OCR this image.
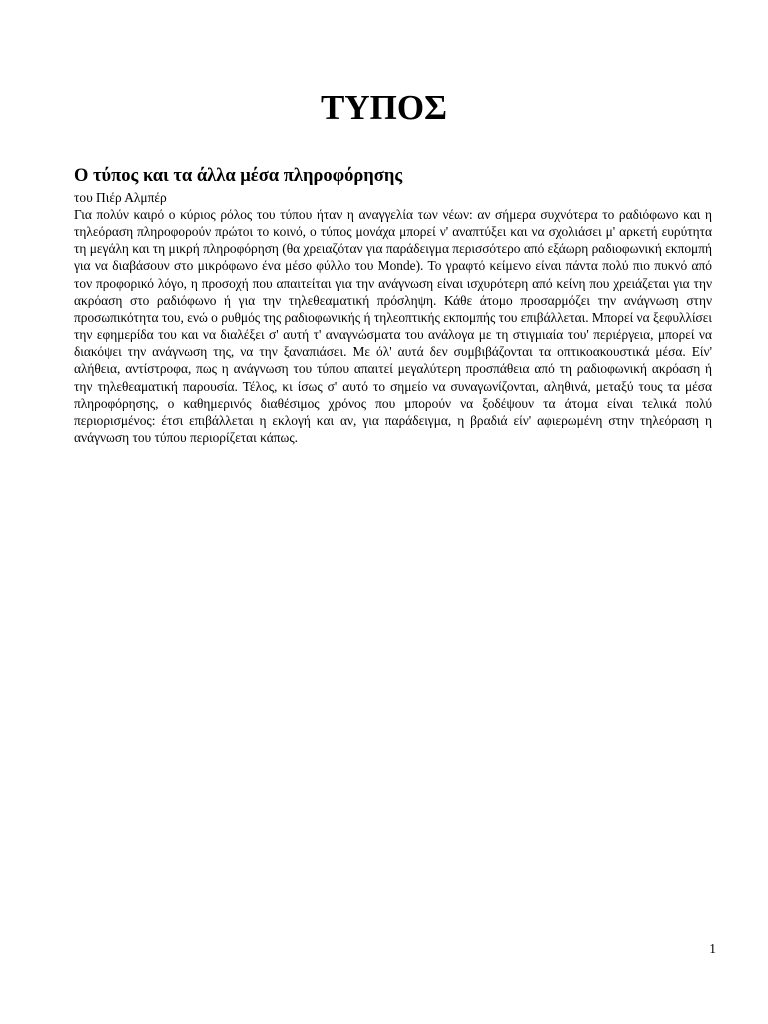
ΤΥΠΟΣ
Ο τύπος και τα άλλα μέσα πληροφόρησης

του Πιέρ Αλμπέρ

Για πολύν καιρό ο κύριος ρόλος του τύπου ήταν η αναγγελία των νέων: αν σήμερα συχνότερα το ραδιόφωνο και η τηλεόραση πληροφορούν πρώτοι το κοινό, ο τύπος μονάχα μπορεί ν' αναπτύξει και να σχολιάσει μ' αρκετή ευρύτητα τη μεγάλη και τη μικρή πληροφόρηση (θα χρειαζόταν για παράδειγμα περισσότερο από εξάωρη ραδιοφωνική εκπομπή για να διαβάσουν στο μικρόφωνο ένα μέσο φύλλο του Monde). Το γραφτό κείμενο είναι πάντα πολύ πιο πυκνό από τον προφορικό λόγο, η προσοχή που απαιτείται για την ανάγνωση είναι ισχυρότερη από κείνη που χρειάζεται για την ακρόαση στο ραδιόφωνο ή για την τηλεθεαματική πρόσληψη. Κάθε άτομο προσαρμόζει την ανάγνωση στην προσωπικότητα του, ενώ ο ρυθμός της ραδιοφωνικής ή τηλεοπτικής εκπομπής του επιβάλλεται. Μπορεί να ξεφυλλίσει την εφημερίδα του και να διαλέξει σ' αυτή τ' αναγνώσματα του ανάλογα με τη στιγμιαία του' περιέργεια, μπορεί να διακόψει την ανάγνωση της, να την ξαναπιάσει. Με όλ' αυτά δεν συμβιβάζονται τα οπτικοακουστικά μέσα. Είν' αλήθεια, αντίστροφα, πως η ανάγνωση του τύπου απαιτεί μεγαλύτερη προσπάθεια από τη ραδιοφωνική ακρόαση ή την τηλεθεαματική παρουσία. Τέλος, κι ίσως σ' αυτό το σημείο να συναγωνίζονται, αληθινά, μεταξύ τους τα μέσα πληροφόρησης, ο καθημερινός διαθέσιμος χρόνος που μπορούν να ξοδέψουν τα άτομα είναι τελικά πολύ περιορισμένος: έτσι επιβάλλεται η εκλογή και αν, για παράδειγμα, η βραδιά είν' αφιερωμένη στην τηλεόραση η ανάγνωση του τύπου περιορίζεται κάπως.

1
